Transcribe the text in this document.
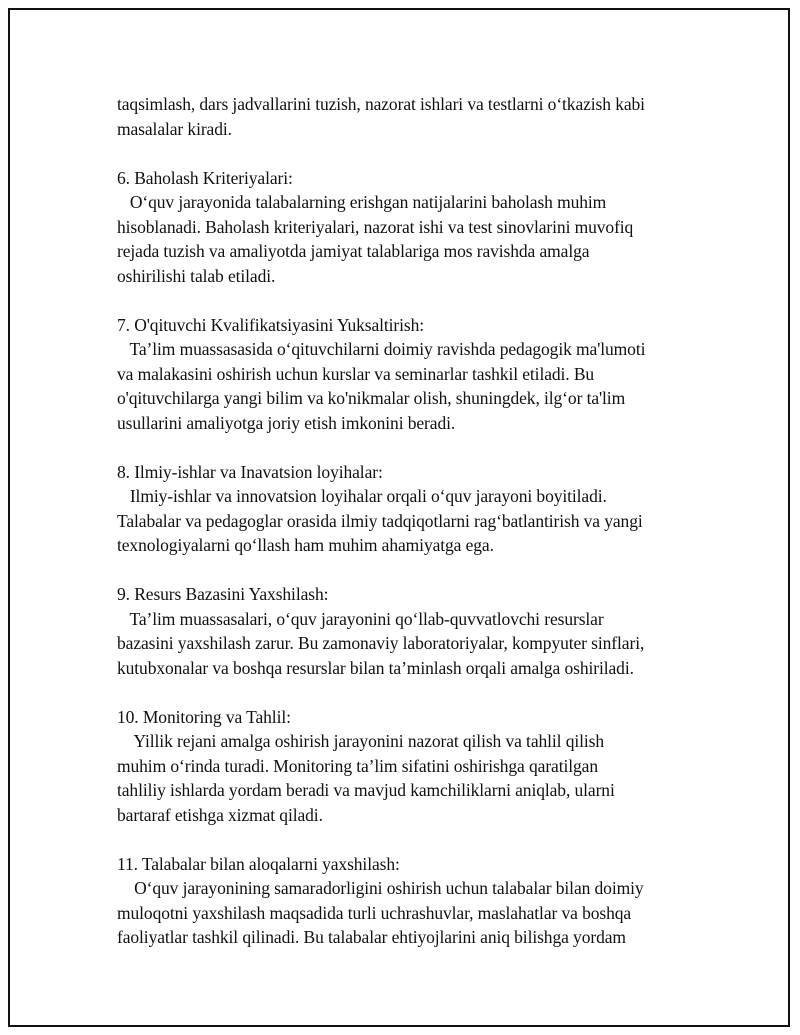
taqsimlash, dars jadvallarini tuzish, nazorat ishlari va testlarni o‘tkazish kabi
masalalar kiradi.
6. Baholash Kriteriyalari:
O‘quv jarayonida talabalarning erishgan natijalarini baholash muhim
hisoblanadi. Baholash kriteriyalari, nazorat ishi va test sinovlarini muvofiq
rejada tuzish va amaliyotda jamiyat talablariga mos ravishda amalga
oshirilishi talab etiladi.
7. O'qituvchi Kvalifikatsiyasini Yuksaltirish:
Ta’lim muassasasida o‘qituvchilarni doimiy ravishda pedagogik ma'lumoti
va malakasini oshirish uchun kurslar va seminarlar tashkil etiladi. Bu
o'qituvchilarga yangi bilim va ko'nikmalar olish, shuningdek, ilg‘or ta'lim
usullarini amaliyotga joriy etish imkonini beradi.
8. Ilmiy-ishlar va Inavatsion loyihalar:
Ilmiy-ishlar va innovatsion loyihalar orqali o‘quv jarayoni boyitiladi.
Talabalar va pedagoglar orasida ilmiy tadqiqotlarni rag‘batlantirish va yangi
texnologiyalarni qo‘llash ham muhim ahamiyatga ega.
9. Resurs Bazasini Yaxshilash:
Ta’lim muassasalari, o‘quv jarayonini qo‘llab-quvvatlovchi resurslar
bazasini yaxshilash zarur. Bu zamonaviy laboratoriyalar, kompyuter sinflari,
kutubxonalar va boshqa resurslar bilan ta’minlash orqali amalga oshiriladi.
10. Monitoring va Tahlil:
Yillik rejani amalga oshirish jarayonini nazorat qilish va tahlil qilish
muhim o‘rinda turadi. Monitoring ta’lim sifatini oshirishga qaratilgan
tahliliy ishlarda yordam beradi va mavjud kamchiliklarni aniqlab, ularni
bartaraf etishga xizmat qiladi.
11. Talabalar bilan aloqalarni yaxshilash:
O‘quv jarayonining samaradorligini oshirish uchun talabalar bilan doimiy
muloqotni yaxshilash maqsadida turli uchrashuvlar, maslahatlar va boshqa
faoliyatlar tashkil qilinadi. Bu talabalar ehtiyojlarini aniq bilishga yordam
